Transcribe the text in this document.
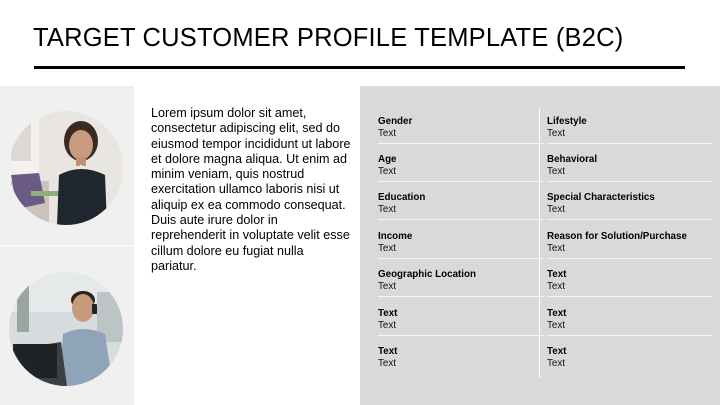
TARGET CUSTOMER PROFILE TEMPLATE (B2C)
Lorem ipsum dolor sit amet, consectetur adipiscing elit, sed do eiusmod tempor incididunt ut labore et dolore magna aliqua. Ut enim ad minim veniam, quis nostrud exercitation ullamco laboris nisi ut aliquip ex ea commodo consequat. Duis aute irure dolor in reprehenderit in voluptate velit esse cillum dolore eu fugiat nulla pariatur.
Gender
Text
Age
Text
Education
Text
Income
Text
Geographic Location
Text
Text
Text
Text
Text
Lifestyle
Text
Behavioral
Text
Special Characteristics
Text
Reason for Solution/Purchase
Text
Text
Text
Text
Text
Text
Text
